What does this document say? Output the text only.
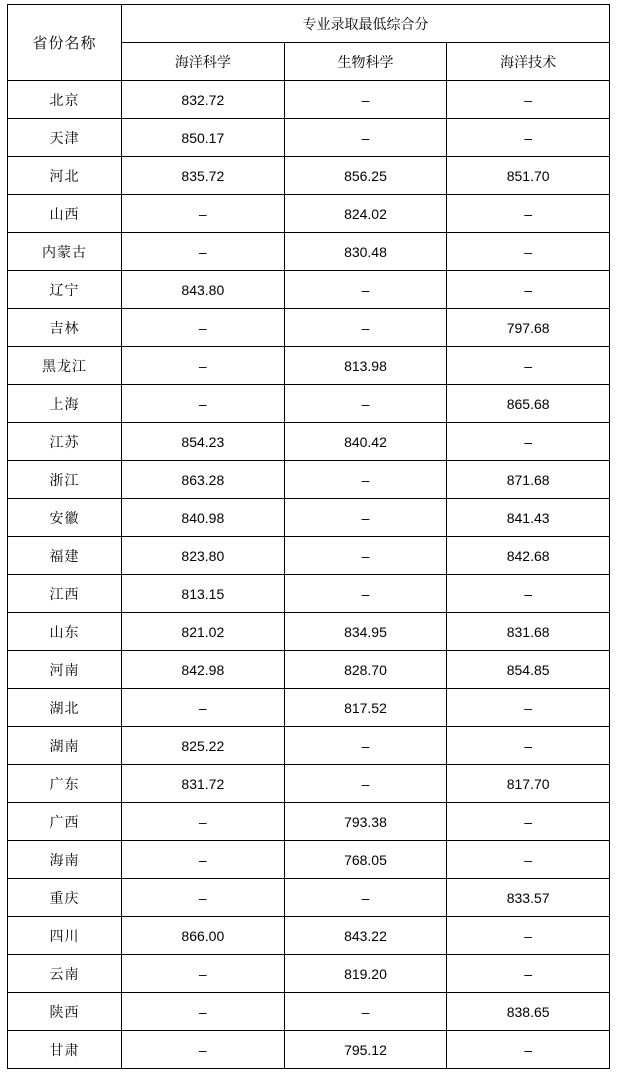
省份名称	专业录取最低综合分		
	海洋科学	生物科学	海洋技术
北京	832.72	–	–
天津	850.17	–	–
河北	835.72	856.25	851.70
山西	–	824.02	–
内蒙古	–	830.48	–
辽宁	843.80	–	–
吉林	–	–	797.68
黑龙江	–	813.98	–
上海	–	–	865.68
江苏	854.23	840.42	–
浙江	863.28	–	871.68
安徽	840.98	–	841.43
福建	823.80	–	842.68
江西	813.15	–	–
山东	821.02	834.95	831.68
河南	842.98	828.70	854.85
湖北	–	817.52	–
湖南	825.22	–	–
广东	831.72	–	817.70
广西	–	793.38	–
海南	–	768.05	–
重庆	–	–	833.57
四川	866.00	843.22	–
云南	–	819.20	–
陕西	–	–	838.65
甘肃	–	795.12	–
